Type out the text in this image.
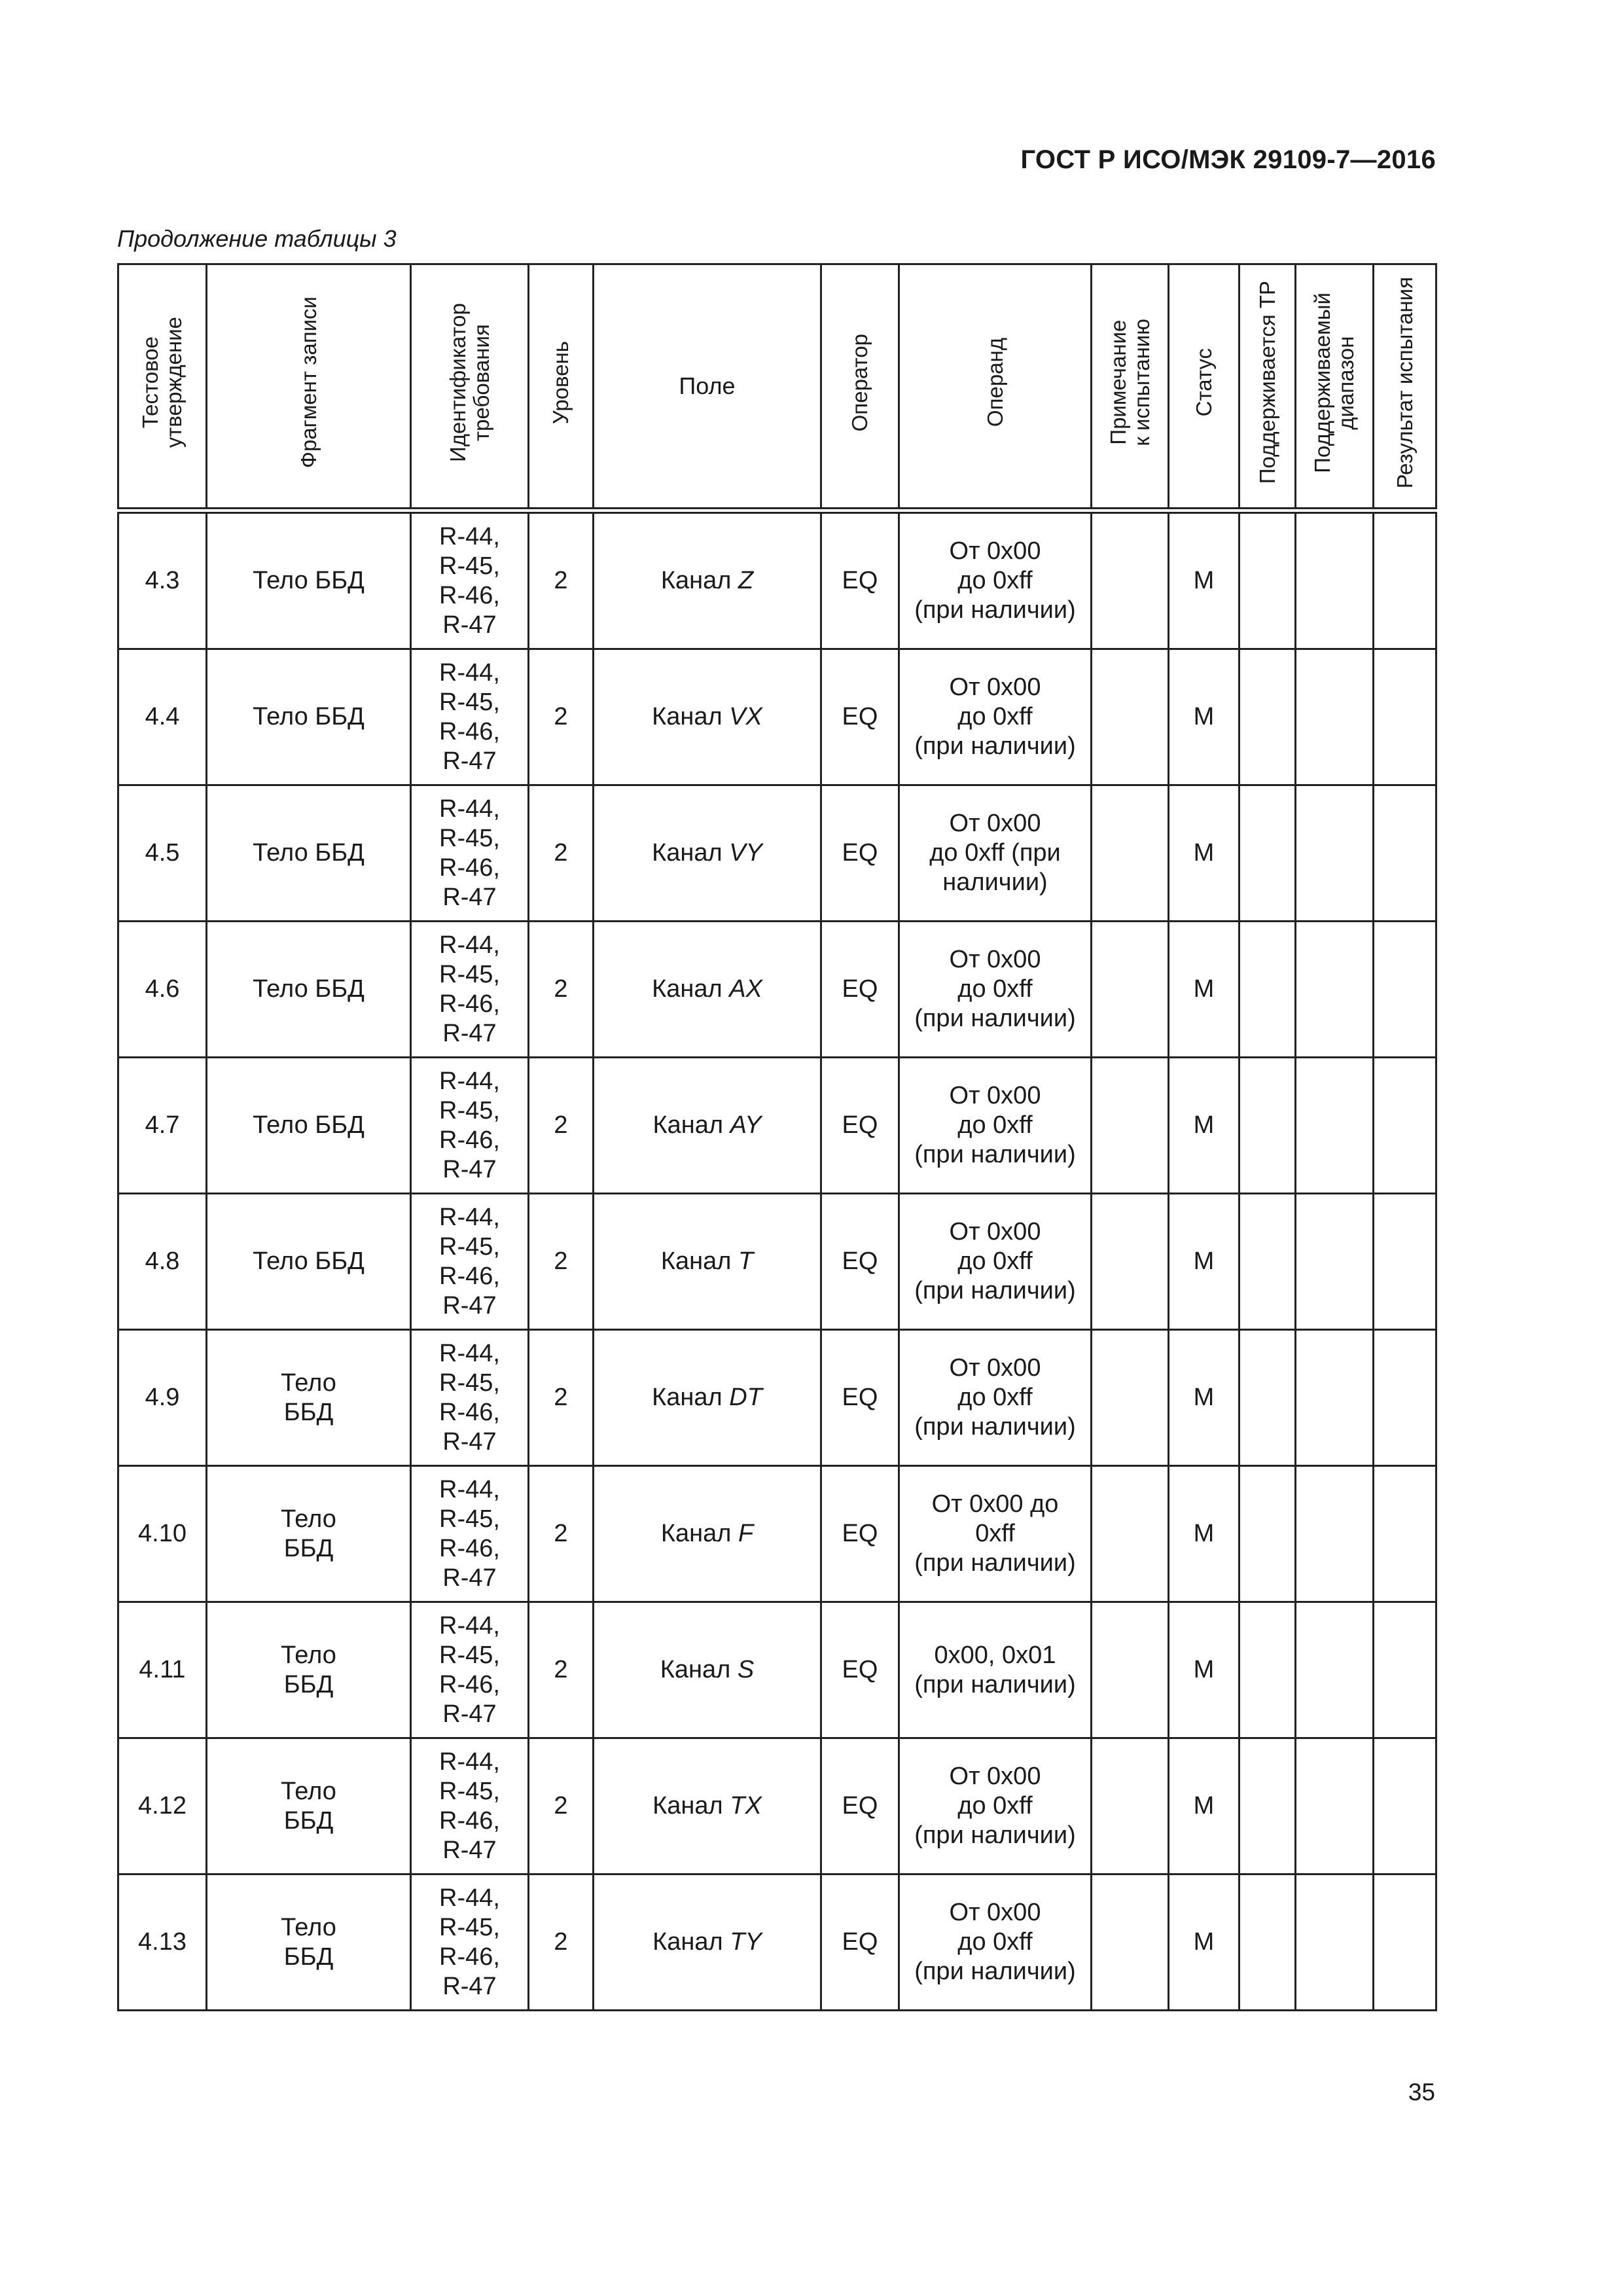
ГОСТ Р ИСО/МЭК 29109-7—2016
Продолжение таблицы 3
Тестовое
утверждение	Фрагмент записи	Идентификатор
требования	Уровень	Поле	Оператор	Операнд	Примечание
к испытанию	Статус	Поддерживается ТР	Поддерживаемый
диапазон	Результат испытания

4.3	Тело ББД	R-44,
R-45,
R-46,
R-47	2	Канал Z	EQ	От 0x00
до 0xff
(при наличии)		M			
4.4	Тело ББД	R-44,
R-45,
R-46,
R-47	2	Канал VX	EQ	От 0x00
до 0xff
(при наличии)		M			
4.5	Тело ББД	R-44,
R-45,
R-46,
R-47	2	Канал VY	EQ	От 0x00
до 0xff (при
наличии)		M			
4.6	Тело ББД	R-44,
R-45,
R-46,
R-47	2	Канал AX	EQ	От 0x00
до 0xff
(при наличии)		M			
4.7	Тело ББД	R-44,
R-45,
R-46,
R-47	2	Канал AY	EQ	От 0x00
до 0xff
(при наличии)		M			
4.8	Тело ББД	R-44,
R-45,
R-46,
R-47	2	Канал T	EQ	От 0x00
до 0xff
(при наличии)		M			
4.9	Тело
ББД	R-44,
R-45,
R-46,
R-47	2	Канал DT	EQ	От 0x00
до 0xff
(при наличии)		M			
4.10	Тело
ББД	R-44,
R-45,
R-46,
R-47	2	Канал F	EQ	От 0x00 до
0xff
(при наличии)		M			
4.11	Тело
ББД	R-44,
R-45,
R-46,
R-47	2	Канал S	EQ	0x00, 0x01
(при наличии)		M			
4.12	Тело
ББД	R-44,
R-45,
R-46,
R-47	2	Канал TX	EQ	От 0x00
до 0xff
(при наличии)		M			
4.13	Тело
ББД	R-44,
R-45,
R-46,
R-47	2	Канал TY	EQ	От 0x00
до 0xff
(при наличии)		M			
35
